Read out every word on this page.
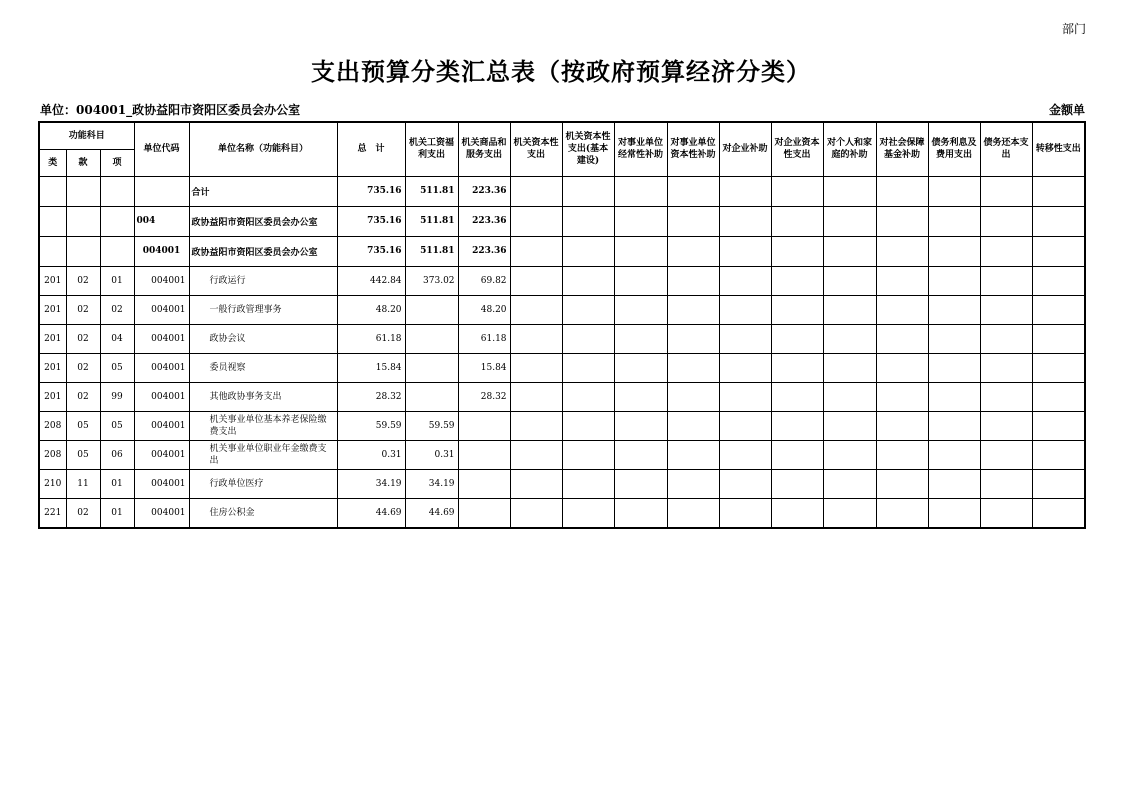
部门
支出预算分类汇总表（按政府预算经济分类）
单位：004001_政协益阳市资阳区委员会办公室	金额单
功能科目			单位代码	单位名称（功能科目）	总　计	机关工资福利支出	机关商品和服务支出	机关资本性支出	机关资本性支出(基本建设)	对事业单位经常性补助	对事业单位资本性补助	对企业补助	对企业资本性支出	对个人和家庭的补助	对社会保障基金补助	债务利息及费用支出	债务还本支出	转移性支出
类	款	项																
				合计	735.16	511.81	223.36											
			004	政协益阳市资阳区委员会办公室	735.16	511.81	223.36											
			004001	政协益阳市资阳区委员会办公室	735.16	511.81	223.36											
201	02	01	004001	行政运行	442.84	373.02	69.82											
201	02	02	004001	一般行政管理事务	48.20		48.20											
201	02	04	004001	政协会议	61.18		61.18											
201	02	05	004001	委员视察	15.84		15.84											
201	02	99	004001	其他政协事务支出	28.32		28.32											
208	05	05	004001	机关事业单位基本养老保险缴费支出	59.59	59.59												
208	05	06	004001	机关事业单位职业年金缴费支出	0.31	0.31												
210	11	01	004001	行政单位医疗	34.19	34.19												
221	02	01	004001	住房公积金	44.69	44.69												
